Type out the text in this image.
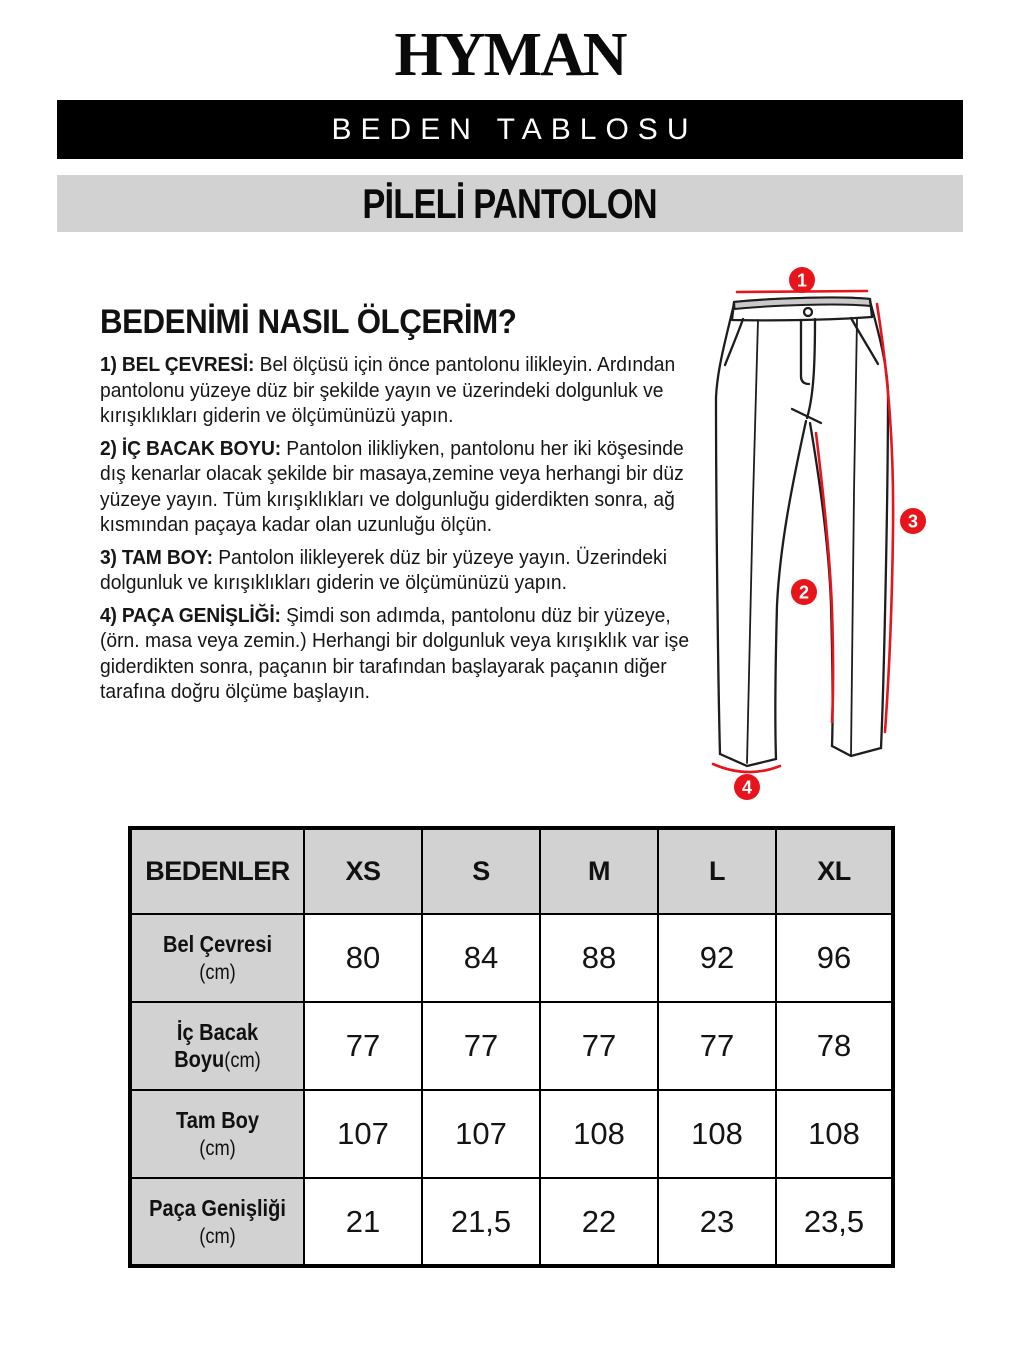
HYMAN
BEDEN TABLOSU
PİLELİ PANTOLON
BEDENİMİ NASIL ÖLÇERİM?

1) BEL ÇEVRESİ: Bel ölçüsü için önce pantolonu ilikleyin. Ardından pantolonu yüzeye düz bir şekilde yayın ve üzerindeki dolgunluk ve kırışıklıkları giderin ve ölçümünüzü yapın.

2) İÇ BACAK BOYU: Pantolon ilikliyken, pantolonu her iki köşesinde dış kenarlar olacak şekilde bir masaya,zemine veya herhangi bir düz yüzeye yayın. Tüm kırışıklıkları ve dolgunluğu giderdikten sonra, ağ kısmından paçaya kadar olan uzunluğu ölçün.

3) TAM BOY: Pantolon ilikleyerek düz bir yüzeye yayın. Üzerindeki dolgunluk ve kırışıklıkları giderin ve ölçümünüzü yapın.

4) PAÇA GENİŞLİĞİ: Şimdi son adımda, pantolonu düz bir yüzeye, (örn. masa veya zemin.) Herhangi bir dolgunluk veya kırışıklık var işe giderdikten sonra, paçanın bir tarafından başlayarak paçanın diğer tarafına doğru ölçüme başlayın.

1
2
3
4
BEDENLER	XS	S	M	L	XL

Bel Çevresi
(cm)	80	84	88	92	96

İç Bacak
Boyu(cm)	77	77	77	77	78

Tam Boy
(cm)	107	107	108	108	108

Paça Genişliği
(cm)	21	21,5	22	23	23,5
